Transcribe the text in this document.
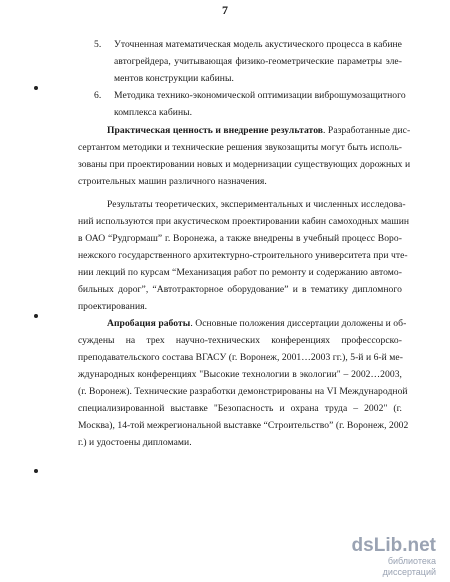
7
5. Уточненная математическая модель акустического процесса в кабине
автогрейдера, учитывающая физико-геометрические параметры эле-
ментов конструкции кабины.
6. Методика технико-экономической оптимизации виброшумозащитного
комплекса кабины.
Практическая ценность и внедрение результатов . Разработанные дис-
сертантом методики и технические решения звукозащиты могут быть исполь-
зованы при проектировании новых и модернизации существующих дорожных и
строительных машин различного назначения.
Результаты теоретических, экспериментальных и численных исследова-
ний используются при акустическом проектировании кабин самоходных машин
в ОАО “Рудгормаш” г. Воронежа, а также внедрены в учебный процесс Воро-
нежского государственного архитектурно-строительного университета при чте-
нии лекций по курсам “Механизация работ по ремонту и содержанию автомо-
бильных дорог”, “Автотракторное оборудование” и в тематику дипломного
проектирования.
Апробация работы . Основные положения диссертации доложены и об-
суждены на трех научно-технических конференциях профессорско-
преподавательского состава ВГАСУ (г. Воронеж, 2001…2003 гг.), 5-й и 6-й ме-
ждународных конференциях "Высокие технологии в экологии" – 2002…2003,
(г. Воронеж). Технические разработки демонстрированы на VI Международной
специализированной выставке "Безопасность и охрана труда – 2002" (г.
Москва), 14-той межрегиональной выставке “Строительство” (г. Воронеж, 2002
г.) и удостоены дипломами.
dsLib.net
библиотека диссертаций
